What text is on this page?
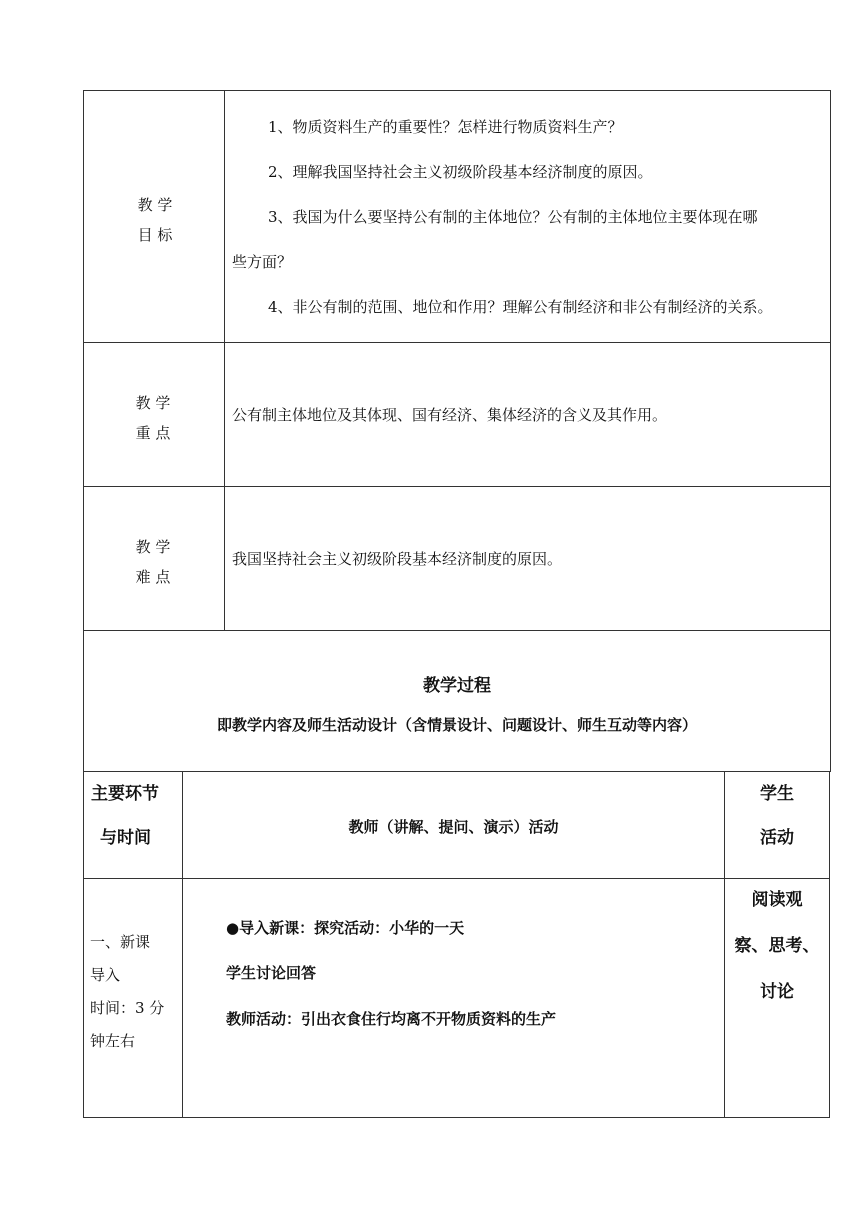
教 学
目 标
1、物质资料生产的重要性？怎样进行物质资料生产？
2、理解我国坚持社会主义初级阶段基本经济制度的原因。
3、我国为什么要坚持公有制的主体地位？公有制的主体地位主要体现在哪
些方面？
4、非公有制的范围、地位和作用？理解公有制经济和非公有制经济的关系。
教 学
重 点
公有制主体地位及其体现、国有经济、集体经济的含义及其作用。
教 学
难 点
我国坚持社会主义初级阶段基本经济制度的原因。
教学过程
即教学内容及师生活动设计（含情景设计、问题设计、师生互动等内容）
主要环节
与时间
教师（讲解、提问、演示）活动
学生
活动
一、新课
导入
时间：3 分
钟左右
●导入新课：探究活动：小华的一天
学生讨论回答
教师活动：引出衣食住行均离不开物质资料的生产
阅读观
察、思考、
讨论
